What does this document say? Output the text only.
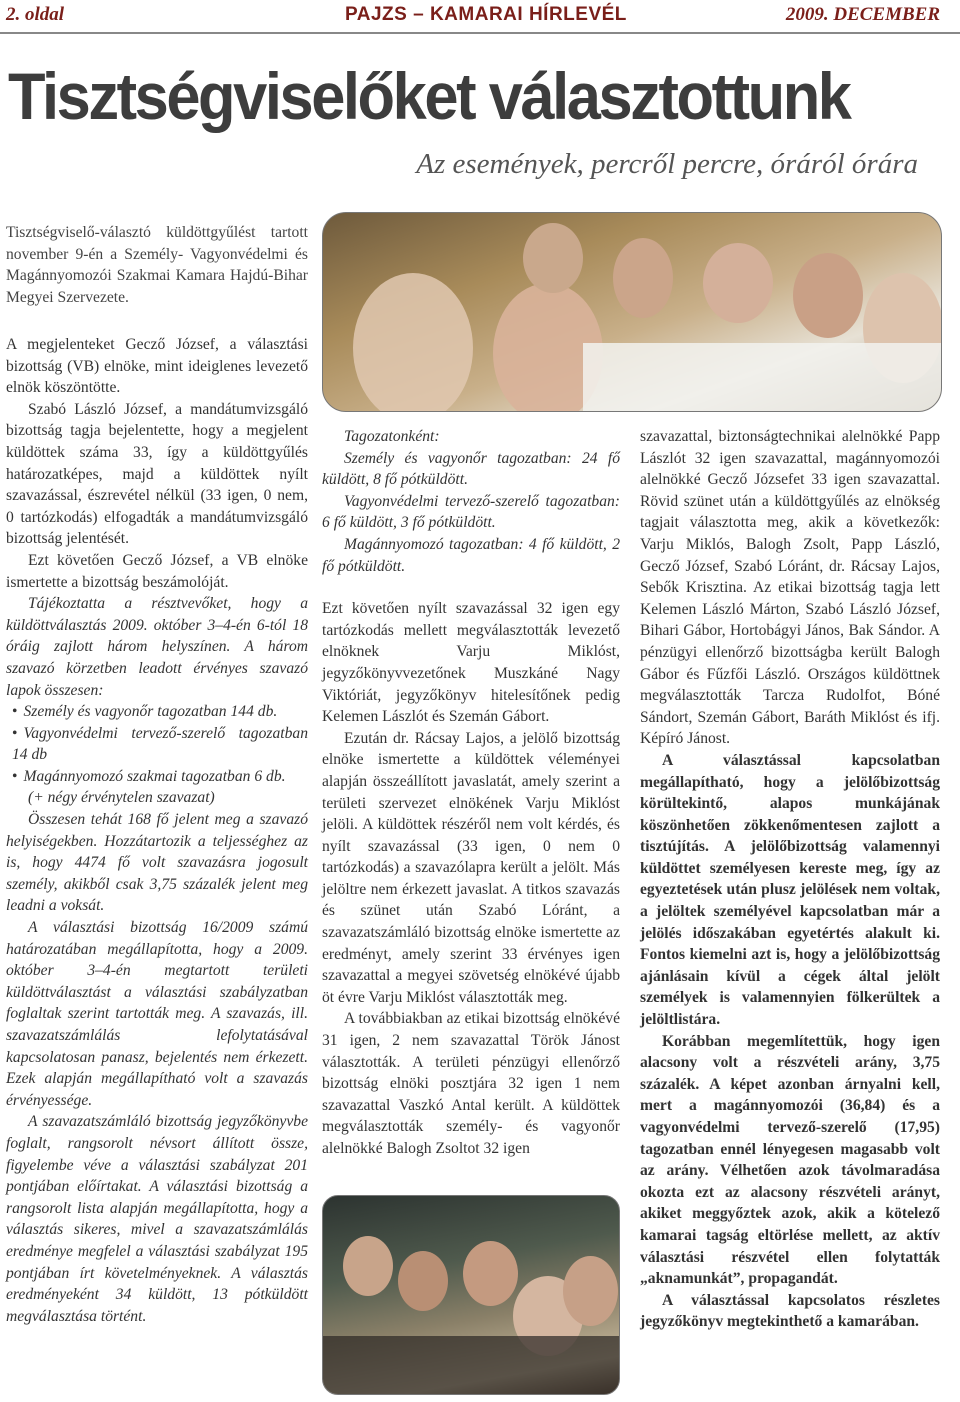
2. oldal	PAJZS – KAMARAI HÍRLEVÉL	2009. DECEMBER
Tisztségviselőket választottunk
Az események, percről percre, óráról órára

Tisztségviselő-választó küldöttgyűlést tartott november 9-én a Személy- Vagyonvédelmi és Magánnyomozói Szakmai Kamara Hajdú-Bihar Megyei Szervezete.

A megjelenteket Gecző József, a választási bizottság (VB) elnöke, mint ideiglenes levezető elnök köszöntötte.

Szabó László József, a mandátumvizsgáló bizottság tagja bejelentette, hogy a megjelent küldöttek száma 33, így a küldöttgyűlés határozatképes, majd a küldöttek nyílt szavazással, észrevétel nélkül (33 igen, 0 nem, 0 tartózkodás) elfogadták a mandátumvizsgáló bizottság jelentését.

Ezt követően Gecző József, a VB elnöke ismertette a bizottság beszámolóját.

Tájékoztatta a résztvevőket, hogy a küldöttválasztás 2009. október 3–4-én 6-tól 18 óráig zajlott három helyszínen. A három szavazó körzetben leadott érvényes szavazó lapok összesen:

• Személy és vagyonőr tagozatban 144 db.

• Vagyonvédelmi tervező-szerelő tagozatban 14 db

• Magánnyomozó szakmai tagozatban 6 db.

(+ négy érvénytelen szavazat)

Összesen tehát 168 fő jelent meg a szavazó helyiségekben. Hozzátartozik a teljességhez az is, hogy 4474 fő volt szavazásra jogosult személy, akikből csak 3,75 százalék jelent meg leadni a voksát.

A választási bizottság 16/2009 számú határozatában megállapította, hogy a 2009. október 3–4-én megtartott területi küldöttválasztást a választási szabályzatban foglaltak szerint tartották meg. A szavazás, ill. szavazatszámlálás lefolytatásával kapcsolatosan panasz, bejelentés nem érkezett. Ezek alapján megállapítható volt a szavazás érvényessége.

A szavazatszámláló bizottság jegyzőkönyvbe foglalt, rangsorolt névsort állított össze, figyelembe véve a választási szabályzat 201 pontjában előírtakat. A választási bizottság a rangsorolt lista alapján megállapította, hogy a választás sikeres, mivel a szavazatszámlálás eredménye megfelel a választási szabályzat 195 pontjában írt követelményeknek. A választás eredményeként 34 küldött, 13 pótküldött megválasztása történt.

Tagozatonként:

Személy és vagyonőr tagozatban: 24 fő küldött, 8 fő pótküldött.

Vagyonvédelmi tervező-szerelő tagozatban: 6 fő küldött, 3 fő pótküldött.

Magánnyomozó tagozatban: 4 fő küldött, 2 fő pótküldött.

Ezt követően nyílt szavazással 32 igen egy tartózkodás mellett megválasztották levezető elnöknek Varju Miklóst, jegyzőkönyvvezetőnek Muszkáné Nagy Viktóriát, jegyzőkönyv hitelesítőnek pedig Kelemen Lászlót és Szemán Gábort.

Ezután dr. Rácsay Lajos, a jelölő bizottság elnöke ismertette a küldöttek véleményei alapján összeállított javaslatát, amely szerint a területi szervezet elnökének Varju Miklóst jelöli. A küldöttek részéről nem volt kérdés, és nyílt szavazással (33 igen, 0 nem 0 tartózkodás) a szavazólapra került a jelölt. Más jelöltre nem érkezett javaslat. A titkos szavazás és szünet után Szabó Lóránt, a szavazatszámláló bizottság elnöke ismertette az eredményt, amely szerint 33 érvényes igen szavazattal a megyei szövetség elnökévé újabb öt évre Varju Miklóst választották meg.

A továbbiakban az etikai bizottság elnökévé 31 igen, 2 nem szavazattal Török Jánost választották. A területi pénzügyi ellenőrző bizottság elnöki posztjára 32 igen 1 nem szavazattal Vaszkó Antal került. A küldöttek megválasztották személy- és vagyonőr alelnökké Balogh Zsoltot 32 igen

szavazattal, biztonságtechnikai alelnökké Papp Lászlót 32 igen szavazattal, magánnyomozói alelnökké Gecző Józsefet 33 igen szavazattal. Rövid szünet után a küldöttgyűlés az elnökség tagjait választotta meg, akik a következők: Varju Miklós, Balogh Zsolt, Papp László, Gecző József, Szabó Lóránt, dr. Rácsay Lajos, Sebők Krisztina. Az etikai bizottság tagja lett Kelemen László Márton, Szabó László József, Bihari Gábor, Hortobágyi János, Bak Sándor. A pénzügyi ellenőrző bizottságba került Balogh Gábor és Fűzfői László. Országos küldöttnek megválasztották Tarcza Rudolfot, Bóné Sándort, Szemán Gábort, Baráth Miklóst és ifj. Képíró Jánost.

A választással kapcsolatban megállapítható, hogy a jelölőbizottság körültekintő, alapos munkájának köszönhetően zökkenőmentesen zajlott a tisztújítás. A jelölőbizottság valamennyi küldöttet személyesen kereste meg, így az egyeztetések után plusz jelölések nem voltak, a jelöltek személyével kapcsolatban már a jelölés időszakában egyetértés alakult ki. Fontos kiemelni azt is, hogy a jelölőbizottság ajánlásain kívül a cégek által jelölt személyek is valamennyien fölkerültek a jelöltlistára.

Korábban megemlítettük, hogy igen alacsony volt a részvételi arány, 3,75 százalék. A képet azonban árnyalni kell, mert a magánnyomozói (36,84) és a vagyonvédelmi tervező-szerelő (17,95) tagozatban ennél lényegesen magasabb volt az arány. Vélhetően azok távolmaradása okozta ezt az alacsony részvételi arányt, akiket meggyőztek azok, akik a kötelező kamarai tagság eltörlése mellett, az aktív választási részvétel ellen folytatták „aknamunkát”, propagandát.

A választással kapcsolatos részletes jegyzőkönyv megtekinthető a kamarában.
